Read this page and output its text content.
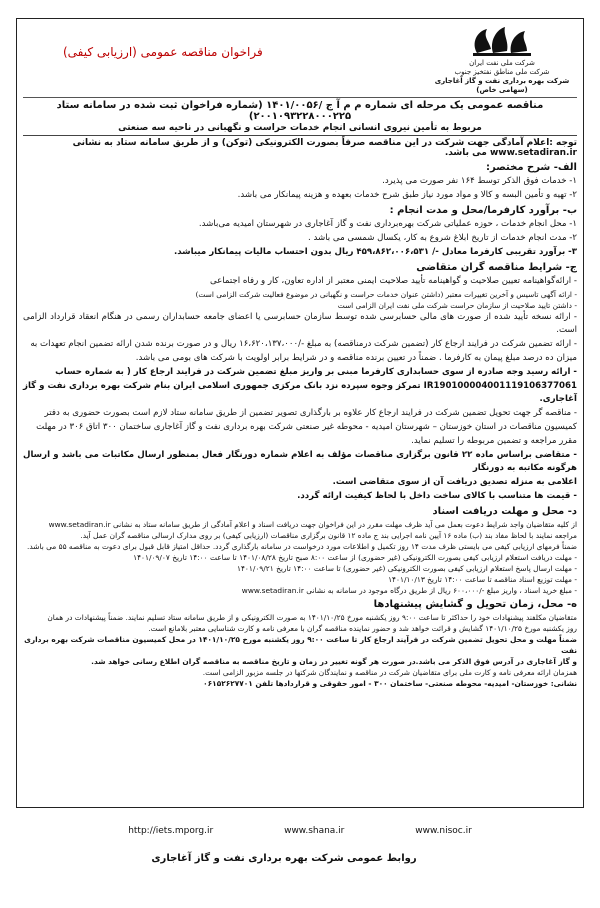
شرکت ملی نفت ایران
شرکت ملی مناطق نفتخیز جنوب
شرکت بهره برداری نفت و گاز آغاجاری (سهامی خاص)
فراخوان مناقصه عمومی (ارزیابی کیفی)
مناقصه عمومی یک مرحله ای شماره م م آ ج /۱۴۰۱/۰۰۵۶ (شماره فراخوان ثبت شده در سامانه ستاد ۲۰۰۱۰۹۳۲۲۸۰۰۰۲۲۵)
مربوط به تأمین نیروی انسانی انجام خدمات حراست و نگهبانی در ناحیه سه صنعتی
توجه :اعلام آمادگی جهت شرکت در این مناقصه صرفاً بصورت الکترونیکی (توکن) و از طریق سامانه ستاد به نشانی www.setadiran.ir می باشد.
الف- شرح مختصر:

۱- خدمات فوق الذکر توسط ۱۶۴ نفر صورت می پذیرد.

۲- تهیه و تأمین البسه و کالا و مواد مورد نیاز طبق شرح خدمات بعهده و هزینه پیمانکار می باشد.

ب- برآورد کارفرما/محل و مدت انجام :

۱- محل انجام خدمات ، حوزه عملیاتی شرکت بهره‌برداری نفت و گاز آغاجاری در شهرستان امیدیه می‌باشد.

۲- مدت انجام خدمات از تاریخ ابلاغ شروع به کار، یکسال شمسی می باشد .

۳- برآورد تقریبی کارفرما معادل -/ ۴۵۹،۸۶۲،۰۰۶،۵۳۱ ریال بدون احتساب مالیات پیمانکار میباشد.

ج- شرایط مناقصه گران متقاضی

- ارائه‌گواهینامه تعیین صلاحیت و گواهینامه تأیید صلاحیت ایمنی معتبر از اداره تعاون، کار و رفاه اجتماعی

- ارائه آگهی تاسیس و آخرین تغییرات معتبر (داشتن عنوان خدمات حراست و نگهبانی در موضوع فعالیت شرکت الزامی است)

- داشتن تایید صلاحیت از سازمان حراست شرکت ملی نفت ایران الزامی است

- ارائه نسخه تأیید شده از صورت های مالی حسابرسی شده توسط سازمان حسابرسی یا اعضای جامعه حسابداران رسمی در هنگام انعقاد قرارداد الزامی است.

- ارائه تضمین شرکت در فرایند ارجاع کار (تضمین شرکت درمناقصه) به مبلغ -/۱۶،۶۲۰،۱۳۷،۰۰۰ ریال و در صورت برنده شدن ارائه تضمین انجام تعهدات به

میزان ده درصد مبلغ پیمان به کارفرما . ضمناً در تعیین برنده مناقصه و در شرایط برابر اولویت با شرکت های بومی می باشد.

- ارائه رسید وجه صادره از سوی حسابداری کارفرما مبنی بر واریز مبلغ تضمین شرکت در فرایند ارجاع کار ( به شماره حساب

IR190100004001119106377061 تمرکز وجوه سپرده نزد بانک مرکزی جمهوری اسلامی ایران بنام شرکت بهره برداری نفت و گاز آغاجاری.

- مناقصه گر جهت تحویل تضمین شرکت در فرایند ارجاع کار علاوه بر بارگذاری تصویر تضمین از طریق سامانه ستاد لازم است بصورت حضوری به دفتر

کمیسیون مناقصات در استان خوزستان – شهرستان امیدیه - محوطه غیر صنعتی شرکت بهره برداری نفت و گاز آغاجاری ساختمان ۳۰۰ اتاق ۳۰۶ در مهلت

مقرر مراجعه و تضمین مربوطه را تسلیم نماید.

- متقاضی براساس ماده ۲۲ قانون برگزاری مناقصات مؤلف به اعلام شماره دورنگار فعال بمنظور ارسال مکاتبات می باشد و ارسال هرگونه مکاتبه به دورنگار

اعلامی به منزله تصدیق دریافت آن از سوی متقاضی است.

- قیمت ها متناسب با کالای ساخت داخل با لحاظ کیفیت ارائه گردد.

د- محل و مهلت دریافت اسناد

از کلیه متقاضیان واجد شرایط دعوت بعمل می آید ظرف مهلت مقرر در این فراخوان جهت دریافت اسناد و اعلام آمادگی از طریق سامانه ستاد به نشانی www.setadiran.ir

مراجعه نمایند با لحاظ مفاد بند (ب) ماده ۱۶ آیین نامه اجرایی بند ج ماده ۱۲ قانون برگزاری مناقصات (ارزیابی کیفی) بر روی مدارک ارسالی مناقصه گران عمل آید.

ضمناً فرمهای ارزیابی کیفی می بایستی ظرف مدت ۱۴ روز تکمیل و اطلاعات مورد درخواست در سامانه بارگذاری گردد. حداقل امتیاز قابل قبول برای دعوت به مناقصه ۵۵ می باشد.

- مهلت دریافت استعلام ارزیابی کیفی بصورت الکترونیکی (غیر حضوری) از ساعت ۸:۰۰ صبح تاریخ ۱۴۰۱/۰۸/۲۸ تا ساعت ۱۴:۰۰ تاریخ ۱۴۰۱/۰۹/۰۷

- مهلت ارسال پاسخ استعلام ارزیابی کیفی بصورت الکترونیکی (غیر حضوری) تا ساعت ۱۴:۰۰ تاریخ ۱۴۰۱/۰۹/۲۱

- مهلت توزیع اسناد مناقصه تا ساعت ۱۴:۰۰ تاریخ ۱۴۰۱/۱۰/۱۳

- مبلغ خرید اسناد ، واریز مبلغ -/۶۰۰،۰۰۰ ریال از طریق درگاه موجود در سامانه به نشانی www.setadiran.ir

ه- محل، زمان تحویل و گشایش پیشنهادها

متقاضیان مکلفند پیشنهادات خود را حداکثر تا ساعت ۹:۰۰ روز یکشنبه مورخ ۱۴۰۱/۱۰/۲۵ به صورت الکترونیکی و از طریق سامانه ستاد تسلیم نمایند. ضمناً پیشنهادات در همان

روز یکشنبه مورخ ۱۴۰۱/۱۰/۲۵ گشایش و قرائت خواهد شد و حضور نماینده مناقصه گران با معرفی نامه و کارت شناسایی معتبر بلامانع است.

ضمناً مهلت و محل تحویل تضمین شرکت در فرآیند ارجاع کار تا ساعت ۹:۰۰ روز یکشنبه مورخ ۱۴۰۱/۱۰/۲۵ در محل کمیسیون مناقصات شرکت بهره برداری نفت

و گاز آغاجاری در آدرس فوق الذکر می باشد.در صورت هر گونه تغییر در زمان و تاریخ مناقصه به مناقصه گران اطلاع رسانی خواهد شد.

همزمان ارائه معرفی نامه و کارت ملی برای متقاضیان شرکت در مناقصه و نمایندگان شرکتها در جلسه مزبور الزامی است.

نشانی: خوزستان- امیدیه- محوطه صنعتی- ساختمان ۳۰۰ - امور حقوقی و قراردادها تلفن ۰۶۱۵۲۶۲۷۷۰۱

http://iets.mporg.ir	www.shana.ir	www.nisoc.ir
روابط عمومی شرکت بهره برداری نفت و گاز آغاجاری
